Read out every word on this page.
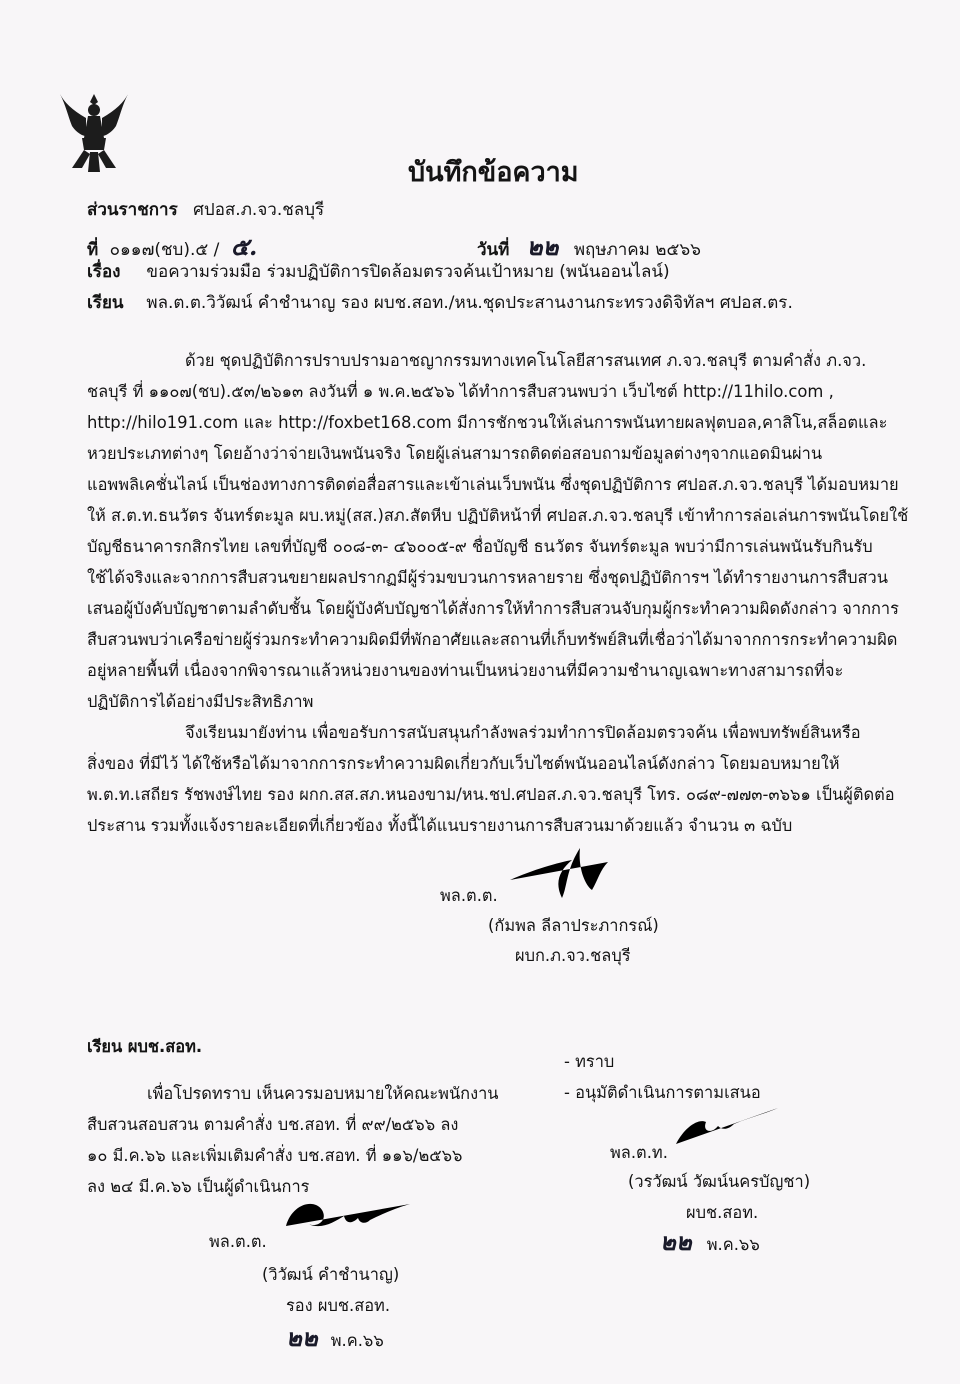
บันทึกข้อความ
ส่วนราชการ ศปอส.ภ.จว.ชลบุรี
ที่ ๐๑๑๗(ชบ).๕ / ๕.	วันที่ ๒๒ พฤษภาคม ๒๕๖๖
เรื่อง ขอความร่วมมือ ร่วมปฏิบัติการปิดล้อมตรวจค้นเป้าหมาย (พนันออนไลน์)
เรียน พล.ต.ต.วิวัฒน์ คำชำนาญ รอง ผบช.สอท./หน.ชุดประสานงานกระทรวงดิจิทัลฯ ศปอส.ตร.
ด้วย ชุดปฏิบัติการปราบปรามอาชญากรรมทางเทคโนโลยีสารสนเทศ ภ.จว.ชลบุรี ตามคำสั่ง ภ.จว.
ชลบุรี ที่ ๑๑๐๗(ชบ).๕๓/๒๖๑๓ ลงวันที่ ๑ พ.ค.๒๕๖๖ ได้ทำการสืบสวนพบว่า เว็บไซต์ http://11hilo.com ,
http://hilo191.com และ http://foxbet168.com มีการชักชวนให้เล่นการพนันทายผลฟุตบอล,คาสิโน,สล็อตและ
หวยประเภทต่างๆ โดยอ้างว่าจ่ายเงินพนันจริง โดยผู้เล่นสามารถติดต่อสอบถามข้อมูลต่างๆจากแอดมินผ่าน
แอพพลิเคชั่นไลน์ เป็นช่องทางการติดต่อสื่อสารและเข้าเล่นเว็บพนัน ซึ่งชุดปฏิบัติการ ศปอส.ภ.จว.ชลบุรี ได้มอบหมาย
ให้ ส.ต.ท.ธนวัตร จันทร์ตะมูล ผบ.หมู่(สส.)สภ.สัตหีบ ปฏิบัติหน้าที่ ศปอส.ภ.จว.ชลบุรี เข้าทำการล่อเล่นการพนันโดยใช้
บัญชีธนาคารกสิกรไทย เลขที่บัญชี ๐๐๘-๓- ๔๖๐๐๕-๙ ชื่อบัญชี ธนวัตร จันทร์ตะมูล พบว่ามีการเล่นพนันรับกินรับ
ใช้ได้จริงและจากการสืบสวนขยายผลปรากฏมีผู้ร่วมขบวนการหลายราย ซึ่งชุดปฏิบัติการฯ ได้ทำรายงานการสืบสวน
เสนอผู้บังคับบัญชาตามลำดับชั้น โดยผู้บังคับบัญชาได้สั่งการให้ทำการสืบสวนจับกุมผู้กระทำความผิดดังกล่าว จากการ
สืบสวนพบว่าเครือข่ายผู้ร่วมกระทำความผิดมีที่พักอาศัยและสถานที่เก็บทรัพย์สินที่เชื่อว่าได้มาจากการกระทำความผิด
อยู่หลายพื้นที่ เนื่องจากพิจารณาแล้วหน่วยงานของท่านเป็นหน่วยงานที่มีความชำนาญเฉพาะทางสามารถที่จะ
ปฏิบัติการได้อย่างมีประสิทธิภาพ
จึงเรียนมายังท่าน เพื่อขอรับการสนับสนุนกำลังพลร่วมทำการปิดล้อมตรวจค้น เพื่อพบทรัพย์สินหรือ
สิ่งของ ที่มีไว้ ได้ใช้หรือได้มาจากการกระทำความผิดเกี่ยวกับเว็บไซต์พนันออนไลน์ดังกล่าว โดยมอบหมายให้
พ.ต.ท.เสถียร รัชพงษ์ไทย รอง ผกก.สส.สภ.หนองขาม/หน.ชป.ศปอส.ภ.จว.ชลบุรี โทร. ๐๘๙-๗๗๓-๓๖๖๑ เป็นผู้ติดต่อ
ประสาน รวมทั้งแจ้งรายละเอียดที่เกี่ยวข้อง ทั้งนี้ได้แนบรายงานการสืบสวนมาด้วยแล้ว จำนวน ๓ ฉบับ
พล.ต.ต.
(กัมพล ลีลาประภากรณ์)
ผบก.ภ.จว.ชลบุรี
เรียน ผบช.สอท.
เพื่อโปรดทราบ เห็นควรมอบหมายให้คณะพนักงาน
สืบสวนสอบสวน ตามคำสั่ง บช.สอท. ที่ ๙๙/๒๕๖๖ ลง
๑๐ มี.ค.๖๖ และเพิ่มเติมคำสั่ง บช.สอท. ที่ ๑๑๖/๒๕๖๖
ลง ๒๔ มี.ค.๖๖ เป็นผู้ดำเนินการ
พล.ต.ต.
(วิวัฒน์ คำชำนาญ)
รอง ผบช.สอท.
๒๒ พ.ค.๖๖
- ทราบ
- อนุมัติดำเนินการตามเสนอ
พล.ต.ท.
(วรวัฒน์ วัฒน์นครบัญชา)
ผบช.สอท.
๒๒ พ.ค.๖๖
